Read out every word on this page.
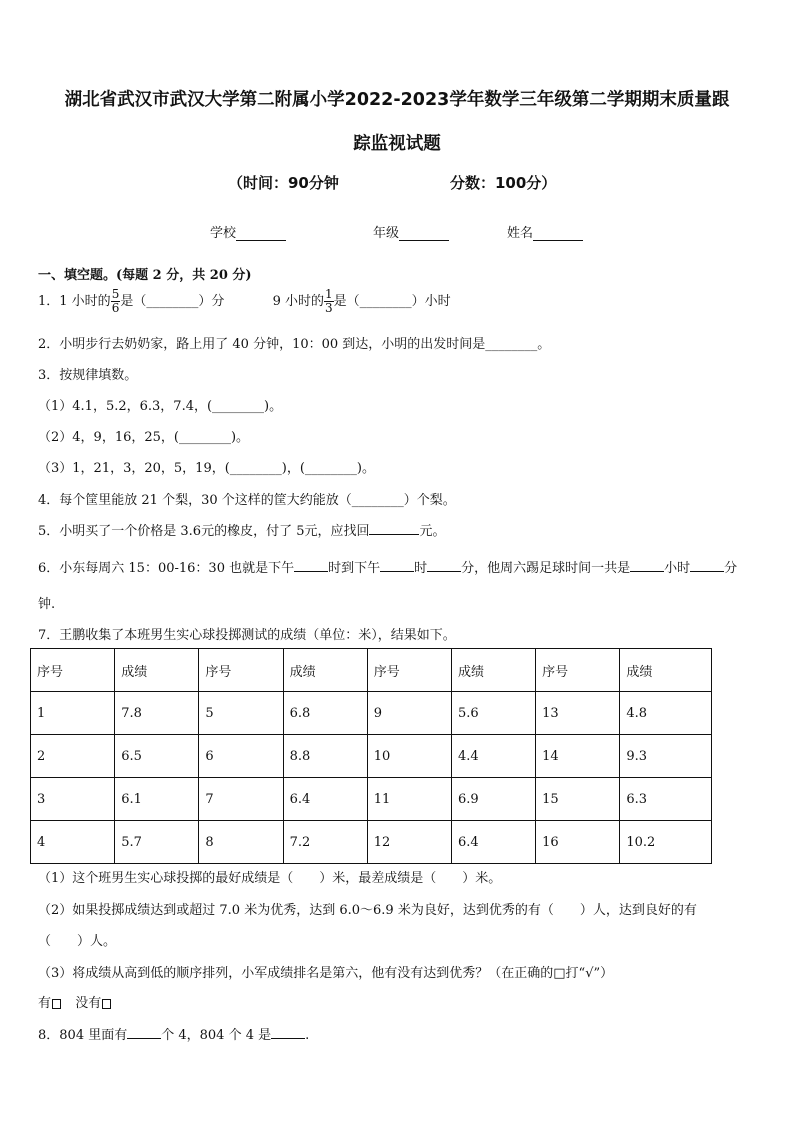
湖北省武汉市武汉大学第二附属小学2022-2023学年数学三年级第二学期期末质量跟
踪监视试题
（时间：90分钟	分数：100分）
学校	年级	姓名
一、填空题。(每题 2 分，共 20 分)
1．1 小时的 $\frac{5}{6}$ 是（________）分	9 小时的 $\frac{1}{3}$ 是（________）小时
2．小明步行去奶奶家，路上用了 40 分钟，10：00 到达，小明的出发时间是________。
3．按规律填数。
（1）4.1，5.2，6.3，7.4，(________)。
（2）4，9，16，25，(________)。
（3）1，21，3，20，5，19，(________)，(________)。
4．每个筐里能放 21 个梨，30 个这样的筐大约能放（________）个梨。
5．小明买了一个价格是 3.6元的橡皮，付了 5元，应找回	元。
6．小东每周六 15：00-16：30 也就是下午	时到下午	时	分，他周六踢足球时间一共是	小时	分
钟.
7．王鹏收集了本班男生实心球投掷测试的成绩（单位：米），结果如下。
序号	成绩	序号	成绩	序号	成绩	序号	成绩
1	7.8	5	6.8	9	5.6	13	4.8
2	6.5	6	8.8	10	4.4	14	9.3
3	6.1	7	6.4	11	6.9	15	6.3
4	5.7	8	7.2	12	6.4	16	10.2
（1）这个班男生实心球投掷的最好成绩是（　　）米，最差成绩是（　　）米。
（2）如果投掷成绩达到或超过 7.0 米为优秀，达到 6.0～6.9 米为良好，达到优秀的有（　　）人，达到良好的有
（　　）人。
（3）将成绩从高到低的顺序排列，小军成绩排名是第六，他有没有达到优秀？（在正确的□打“√”）
有 没有
8．804 里面有	个 4，804 个 4 是	.
